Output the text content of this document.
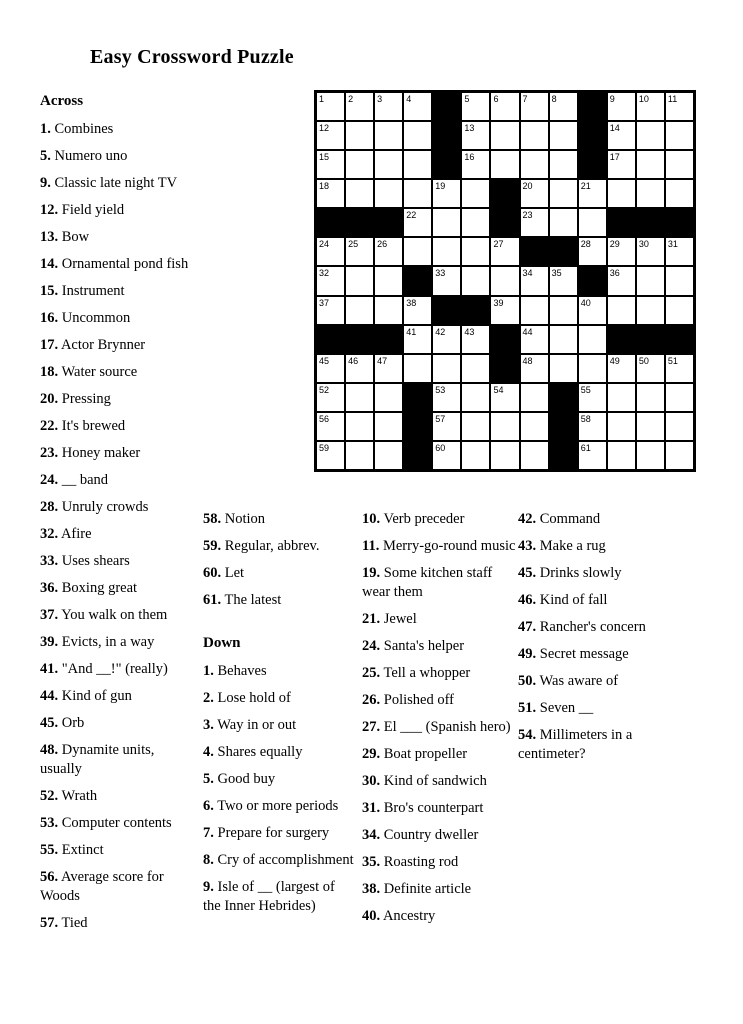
Easy Crossword Puzzle
1	2	3	4	5	6	7	8	9	10 11
12	13	14
15	16	17
18	19	20	21
22	23
24 25 26	27	28 29 30 31
32	33	34 35	36
37	38	39	40
41 42 43	44
45 46 47	48	49 50 51
52	53	54	55
56	57	58
59	60	61
Across
1. Combines
5. Numero uno
9. Classic late night TV
12. Field yield
13. Bow
14. Ornamental pond fish
15. Instrument
16. Uncommon
17. Actor Brynner
18. Water source
20. Pressing
22. It's brewed
23. Honey maker
24. __ band
28. Unruly crowds
32. Afire
33. Uses shears
36. Boxing great
37. You walk on them
39. Evicts, in a way
41. "And __!" (really)
44. Kind of gun
45. Orb
48. Dynamite units, usually
52. Wrath
53. Computer contents
55. Extinct
56. Average score for Woods
57. Tied
58. Notion
59. Regular, abbrev.
60. Let
61. The latest
Down
1. Behaves
2. Lose hold of
3. Way in or out
4. Shares equally
5. Good buy
6. Two or more periods
7. Prepare for surgery
8. Cry of accomplishment
9. Isle of __ (largest of the Inner Hebrides)
10. Verb preceder
11. Merry-go-round music
19. Some kitchen staff wear them
21. Jewel
24. Santa's helper
25. Tell a whopper
26. Polished off
27. El ___ (Spanish hero)
29. Boat propeller
30. Kind of sandwich
31. Bro's counterpart
34. Country dweller
35. Roasting rod
38. Definite article
40. Ancestry
42. Command
43. Make a rug
45. Drinks slowly
46. Kind of fall
47. Rancher's concern
49. Secret message
50. Was aware of
51. Seven __
54. Millimeters in a centimeter?
